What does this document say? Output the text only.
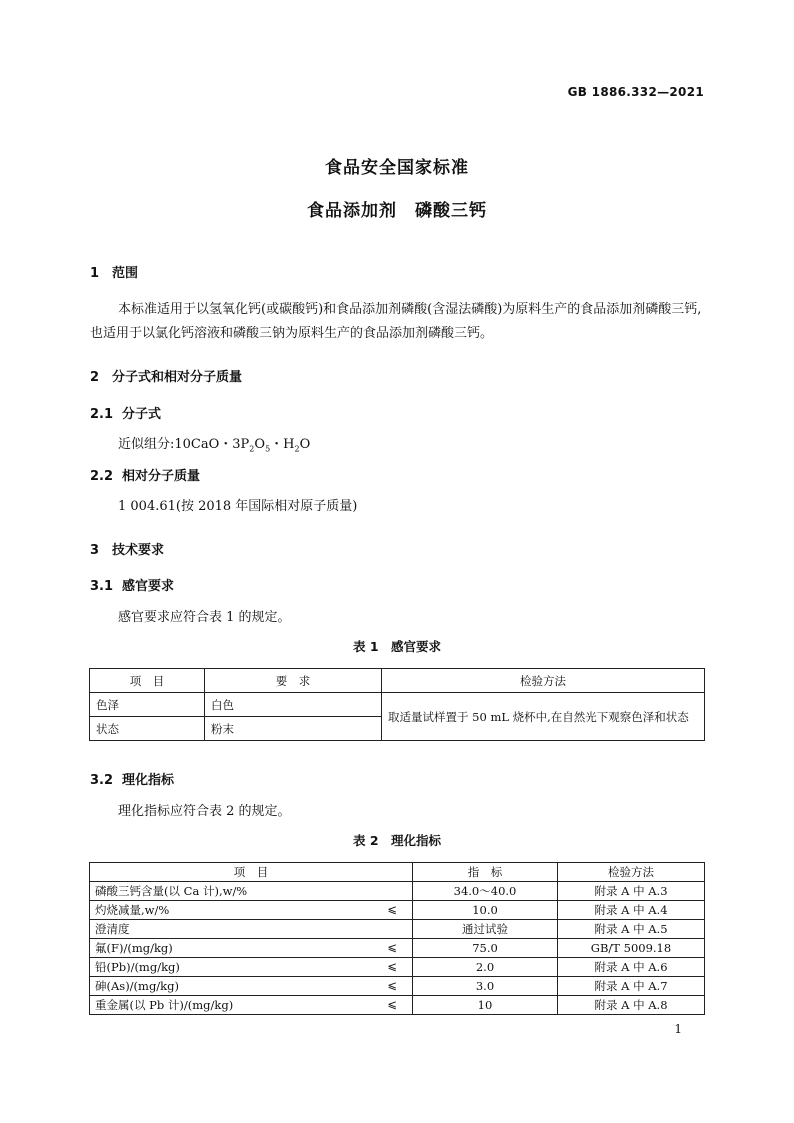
GB 1886.332—2021
食品安全国家标准
食品添加剂　磷酸三钙
1 范围
本标准适用于以氢氧化钙(或碳酸钙)和食品添加剂磷酸(含湿法磷酸)为原料生产的食品添加剂磷酸三钙,也适用于以氯化钙溶液和磷酸三钠为原料生产的食品添加剂磷酸三钙。
2 分子式和相对分子质量
2.1 分子式
近似组分:10CaO・$3P_2O_5$・$H_2O$
2.2 相对分子质量
1 004.61(按 2018 年国际相对原子质量)
3 技术要求
3.1 感官要求
感官要求应符合表 1 的规定。
表 1　感官要求
项　目	要　求	检验方法
色泽	白色	取适量试样置于 50 mL 烧杯中,在自然光下观察色泽和状态
状态	粉末	
3.2 理化指标
理化指标应符合表 2 的规定。
表 2　理化指标
项　目	指　标	检验方法
磷酸三钙含量(以 Ca 计),w/%	34.0～40.0	附录 A 中 A.3
灼烧减量,w/% ⩽	10.0	附录 A 中 A.4
澄清度	通过试验	附录 A 中 A.5
氟(F)/(mg/kg) ⩽	75.0	GB/T 5009.18
铅(Pb)/(mg/kg) ⩽	2.0	附录 A 中 A.6
砷(As)/(mg/kg) ⩽	3.0	附录 A 中 A.7
重金属(以 Pb 计)/(mg/kg) ⩽	10	附录 A 中 A.8
1
